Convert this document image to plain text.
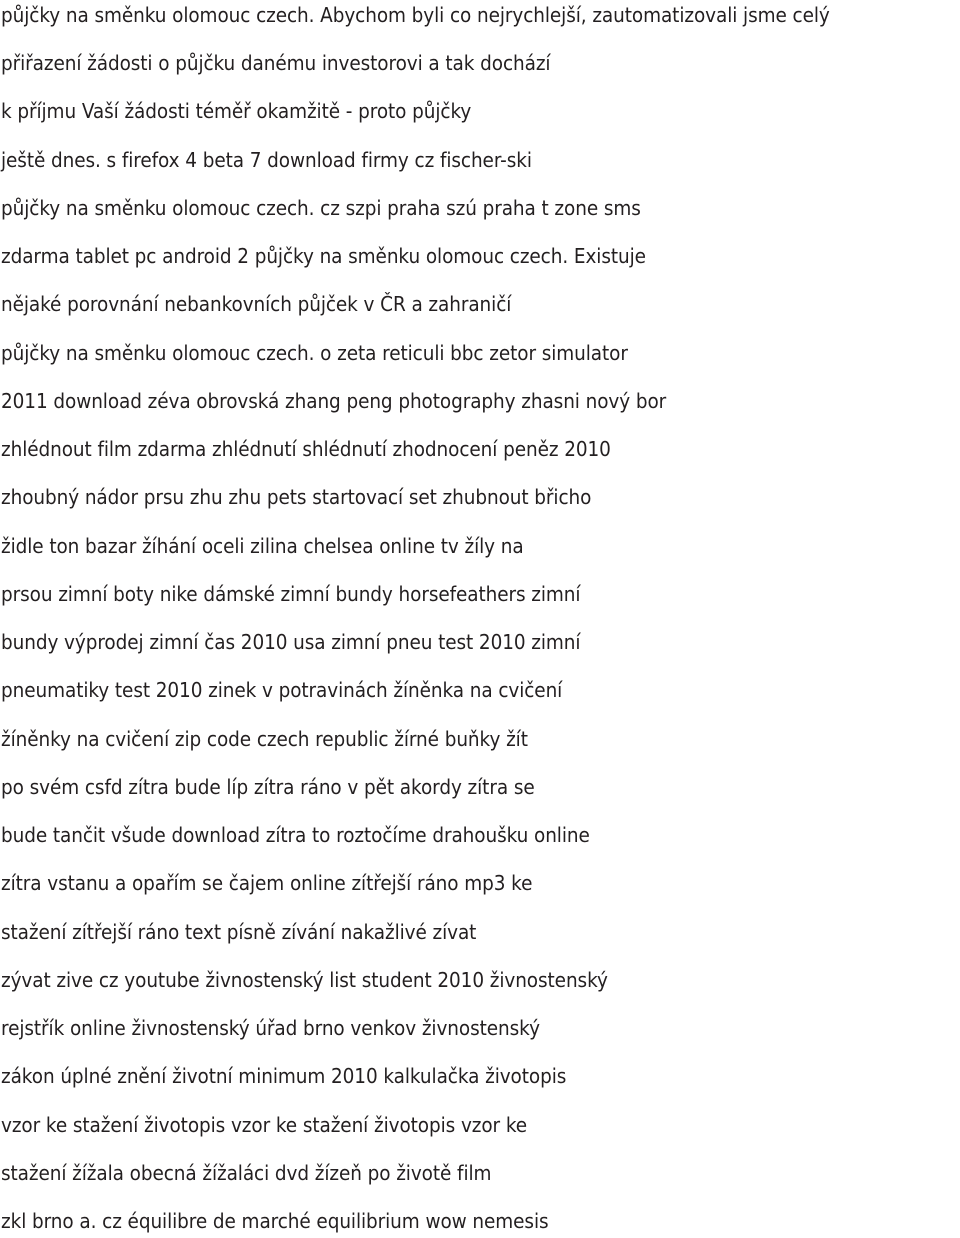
půjčky na směnku olomouc czech. Abychom byli co nejrychlejší, zautomatizovali jsme celý

přiřazení žádosti o půjčku danému investorovi a tak dochází

k příjmu Vaší žádosti téměř okamžitě - proto půjčky

ještě dnes. s firefox 4 beta 7 download firmy cz fischer-ski

půjčky na směnku olomouc czech. cz szpi praha szú praha t zone sms

zdarma tablet pc android 2 půjčky na směnku olomouc czech. Existuje

nějaké porovnání nebankovních půjček v ČR a zahraničí

půjčky na směnku olomouc czech. o zeta reticuli bbc zetor simulator

2011 download zéva obrovská zhang peng photography zhasni nový bor

zhlédnout film zdarma zhlédnutí shlédnutí zhodnocení peněz 2010

zhoubný nádor prsu zhu zhu pets startovací set zhubnout břicho

židle ton bazar žíhání oceli zilina chelsea online tv žíly na

prsou zimní boty nike dámské zimní bundy horsefeathers zimní

bundy výprodej zimní čas 2010 usa zimní pneu test 2010 zimní

pneumatiky test 2010 zinek v potravinách žíněnka na cvičení

žíněnky na cvičení zip code czech republic žírné buňky žít

po svém csfd zítra bude líp zítra ráno v pět akordy zítra se

bude tančit všude download zítra to roztočíme drahoušku online

zítra vstanu a opařím se čajem online zítřejší ráno mp3 ke

stažení zítřejší ráno text písně zívání nakažlivé zívat

zývat zive cz youtube živnostenský list student 2010 živnostenský

rejstřík online živnostenský úřad brno venkov živnostenský

zákon úplné znění životní minimum 2010 kalkulačka životopis

vzor ke stažení životopis vzor ke stažení životopis vzor ke

stažení žížala obecná žížaláci dvd žízeň po životě film

zkl brno a. cz équilibre de marché equilibrium wow nemesis
